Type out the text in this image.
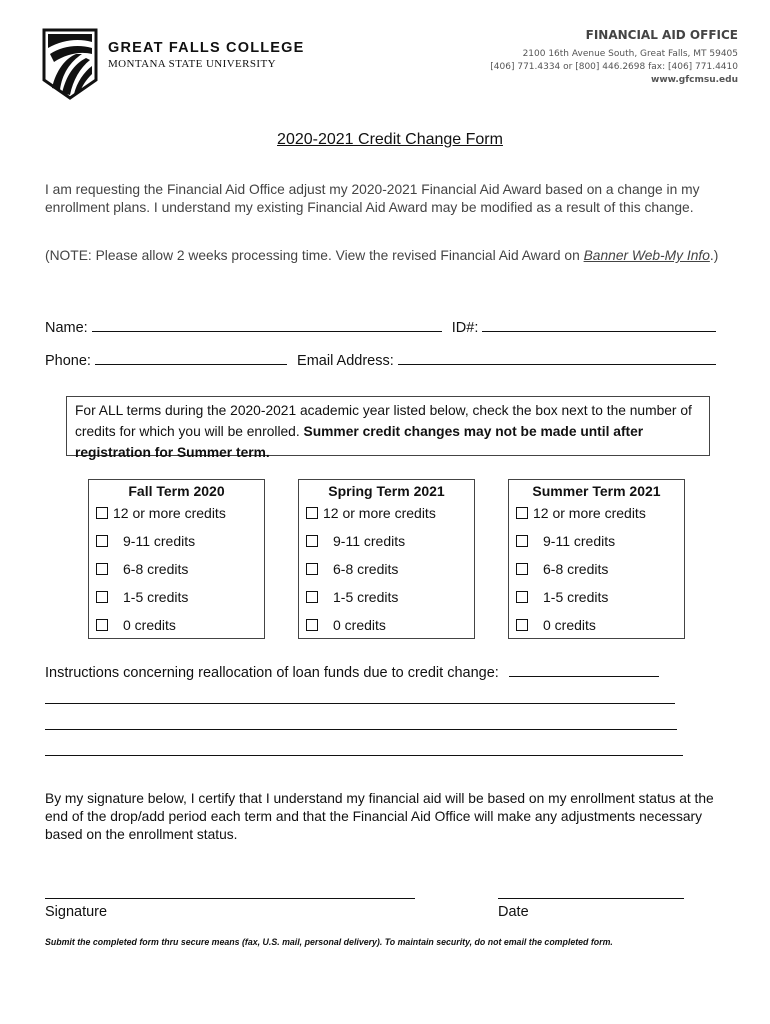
GREAT FALLS COLLEGE
MONTANA STATE UNIVERSITY
FINANCIAL AID OFFICE
2100 16th Avenue South, Great Falls, MT 59405
[406] 771.4334 or [800] 446.2698 fax: [406] 771.4410
www.gfcmsu.edu
2020-2021 Credit Change Form
I am requesting the Financial Aid Office adjust my 2020-2021 Financial Aid Award based on a change in my enrollment plans. I understand my existing Financial Aid Award may be modified as a result of this change.
(NOTE: Please allow 2 weeks processing time. View the revised Financial Aid Award on Banner Web-My Info.)
Name:	ID#:
Phone:	Email Address:
For ALL terms during the 2020-2021 academic year listed below, check the box next to the number of credits for which you will be enrolled. Summer credit changes may not be made until after registration for Summer term.
Fall Term 2020
12 or more credits
9-11 credits
6-8 credits
1-5 credits
0 credits
Spring Term 2021
12 or more credits
9-11 credits
6-8 credits
1-5 credits
0 credits
Summer Term 2021
12 or more credits
9-11 credits
6-8 credits
1-5 credits
0 credits
Instructions concerning reallocation of loan funds due to credit change:
By my signature below, I certify that I understand my financial aid will be based on my enrollment status at the end of the drop/add period each term and that the Financial Aid Office will make any adjustments necessary based on the enrollment status.
Signature	Date
Submit the completed form thru secure means (fax, U.S. mail, personal delivery). To maintain security, do not email the completed form.
